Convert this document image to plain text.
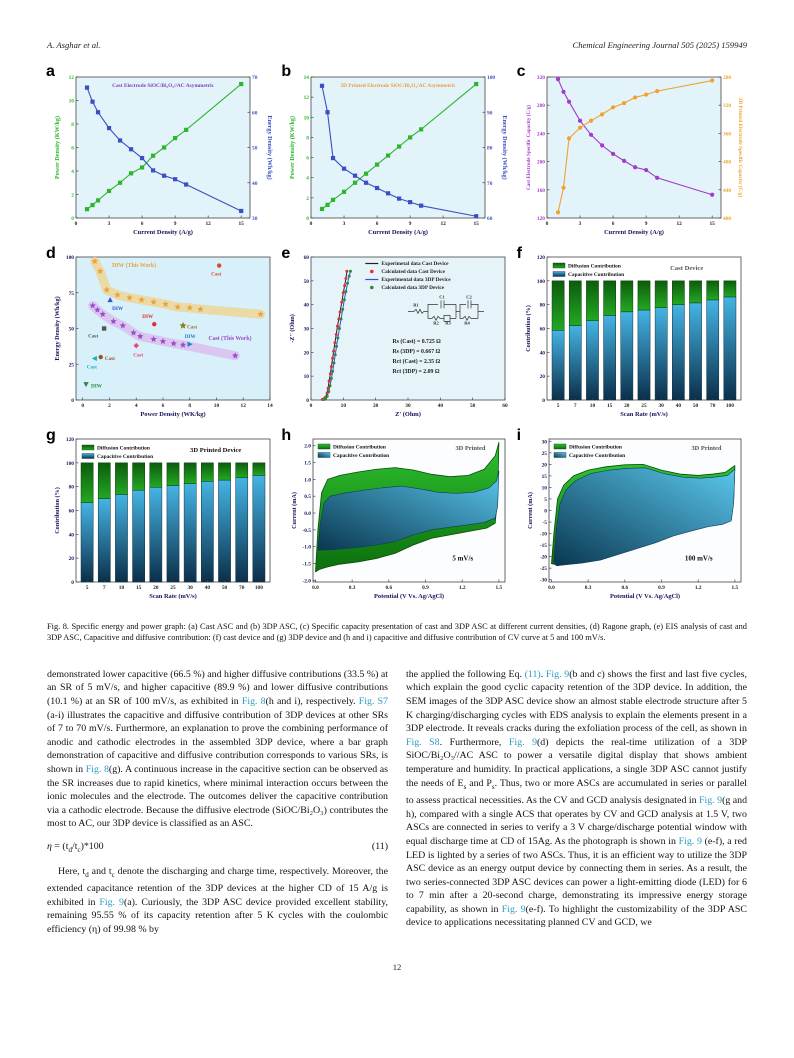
A. Asghar et al.	Chemical Engineering Journal 505 (2025) 159949
a
0	3	6	9	12	15
Current Density (A/g)
0
2
4
6
8
10
12
Power Density (KW/kg)
30
40
50
60
70
Energy Density (Wh/kg)
Cast Electrode SiOC/Bi₂O₃//AC Asymmetric
b
0	3	6	9	12	15
Current Density (A/g)
0
2
4
6
8
10
12
14
Power Density (KW/kg)
60
70
80
90
100
Energy Density (Wh/kg)
3D Printed Electrode SiOC/Bi₂O₃/AC Asymmetric
c
0	3	6	9	12	15
Current Density (A/g)
120
160
200
240
280
320
Cast Electrode Specific Capacity (C/g)
280
320
360
400
440
480
3D Printed Electrode Specific Capacity (C/g)
d
0	2	4	6	8	10	12	14
Power Density (WK/kg)
0
25
50
75
100
Energy Density (Wh/kg)
DIW (This Work)
Cast (This Work)
Cast
DIW
DIW
Cast
Cast
Cast
DIW
Cast
Cast
DIW
e
0	10	20	30	40	50	60
Z' (Ohm)
0
10
20
30
40
50
60
-Z'' (Ohm)
Experimetal data Cast Device
Calculated data Cast Device
Experimental data 3DP Device
Calculated data 3DP Device
Rs (Cast) = 0.725 Ω
Rs (3DP) = 0.667 Ω
Rct (Cast) = 2.35 Ω
Rct (3DP) = 2.09 Ω
R1
C1
R2 R3
C2
R4
f
0
20
40
60
80
100
120
Contribution (%)
5	7 10 15 20 25 30 40 50 70 100
Scan Rate (mV/s)
Diffusion Contribution
Capacitive Contribution
Cast Device
g
0
20
40
60
80
100
120
Contribution (%)
5	7 10 15 20 25 30 40 50 70 100
Scan Rate (mV/s)
Diffusion Contribution
Capacitive Contribution
3D Printed Device
h
0.0	0.3	0.6	0.9	1.2	1.5
Potential (V Vs. Ag/AgCl)
-2.0
-1.5
-1.0
-0.5
0.0
0.5
1.0
1.5
2.0
Current (mA)
Diffusion Contribution
Capacitive Contribution
3D Printed
5 mV/s
i
0.0	0.3	0.6	0.9	1.2	1.5
Potential (V Vs. Ag/AgCl)
-30
-25
-20
-15
-10
-5
0
5
10
15
20
25
30
Current (mA)
Diffusion Contribution
Capacitive Contribution
3D Printed
100 mV/s
Fig. 8. Specific energy and power graph: (a) Cast ASC and (b) 3DP ASC, (c) Specific capacity presentation of cast and 3DP ASC at different current densities, (d) Ragone graph, (e) EIS analysis of cast and 3DP ASC, Capacitive and diffusive contribution: (f) cast device and (g) 3DP device and (h and i) capacitive and diffusive contribution of CV curve at 5 and 100 mV/s.

demonstrated lower capacitive (66.5 %) and higher diffusive contributions (33.5 %) at an SR of 5 mV/s, and higher capacitive (89.9 %) and lower diffusive contributions (10.1 %) at an SR of 100 mV/s, as exhibited in Fig. 8(h and i), respectively. Fig. S7 (a-i) illustrates the capacitive and diffusive contribution of 3DP devices at other SRs of 7 to 70 mV/s. Furthermore, an explanation to prove the combining performance of anodic and cathodic electrodes in the assembled 3DP device, where a bar graph demonstration of capacitive and diffusive contribution corresponds to various SRs, is shown in Fig. 8(g). A continuous increase in the capacitive section can be observed as the SR increases due to rapid kinetics, where minimal interaction occurs between the ionic molecules and the electrode. The outcomes deliver the capacitive contribution via a cathodic electrode. Because the diffusive electrode (SiOC/Bi₂O₃) contributes the most to AC, our 3DP device is classified as an ASC.

$\eta = (t_d/t_c)*100$	(11)

Here, $t_d$ and $t_c$ denote the discharging and charge time, respectively. Moreover, the extended capacitance retention of the 3DP devices at the higher CD of 15 A/g is exhibited in Fig. 9(a). Curiously, the 3DP ASC device provided excellent stability, remaining 95.55 % of its capacity retention after 5 K cycles with the coulombic efficiency (η) of 99.98 % by

the applied the following Eq. (11). Fig. 9(b and c) shows the first and last five cycles, which explain the good cyclic capacity retention of the 3DP device. In addition, the SEM images of the 3DP ASC device show an almost stable electrode structure after 5 K charging/discharging cycles with EDS analysis to explain the elements present in a 3DP electrode. It reveals cracks during the exfoliation process of the cell, as shown in Fig. S8. Furthermore, Fig. 9(d) depicts the real-time utilization of a 3DP SiOC/Bi₂O₃//AC ASC to power a versatile digital display that shows ambient temperature and humidity. In practical applications, a single 3DP ASC cannot justify the needs of $E_s$ and $P_s$. Thus, two or more ASCs are accumulated in series or parallel to assess practical necessities. As the CV and GCD analysis designated in Fig. 9(g and h), compared with a single ACS that operates by CV and GCD analysis at 1.5 V, two ASCs are connected in series to verify a 3 V charge/discharge potential window with equal discharge time at CD of 15Ag. As the photograph is shown in Fig. 9 (e-f), a red LED is lighted by a series of two ASCs. Thus, it is an efficient way to utilize the 3DP ASC device as an energy output device by connecting them in series. As a result, the two series-connected 3DP ASC devices can power a light-emitting diode (LED) for 6 to 7 min after a 20-second charge, demonstrating its impressive energy storage capability, as shown in Fig. 9(e-f). To highlight the customizability of the 3DP ASC device to applications necessitating planned CV and GCD, we

12
